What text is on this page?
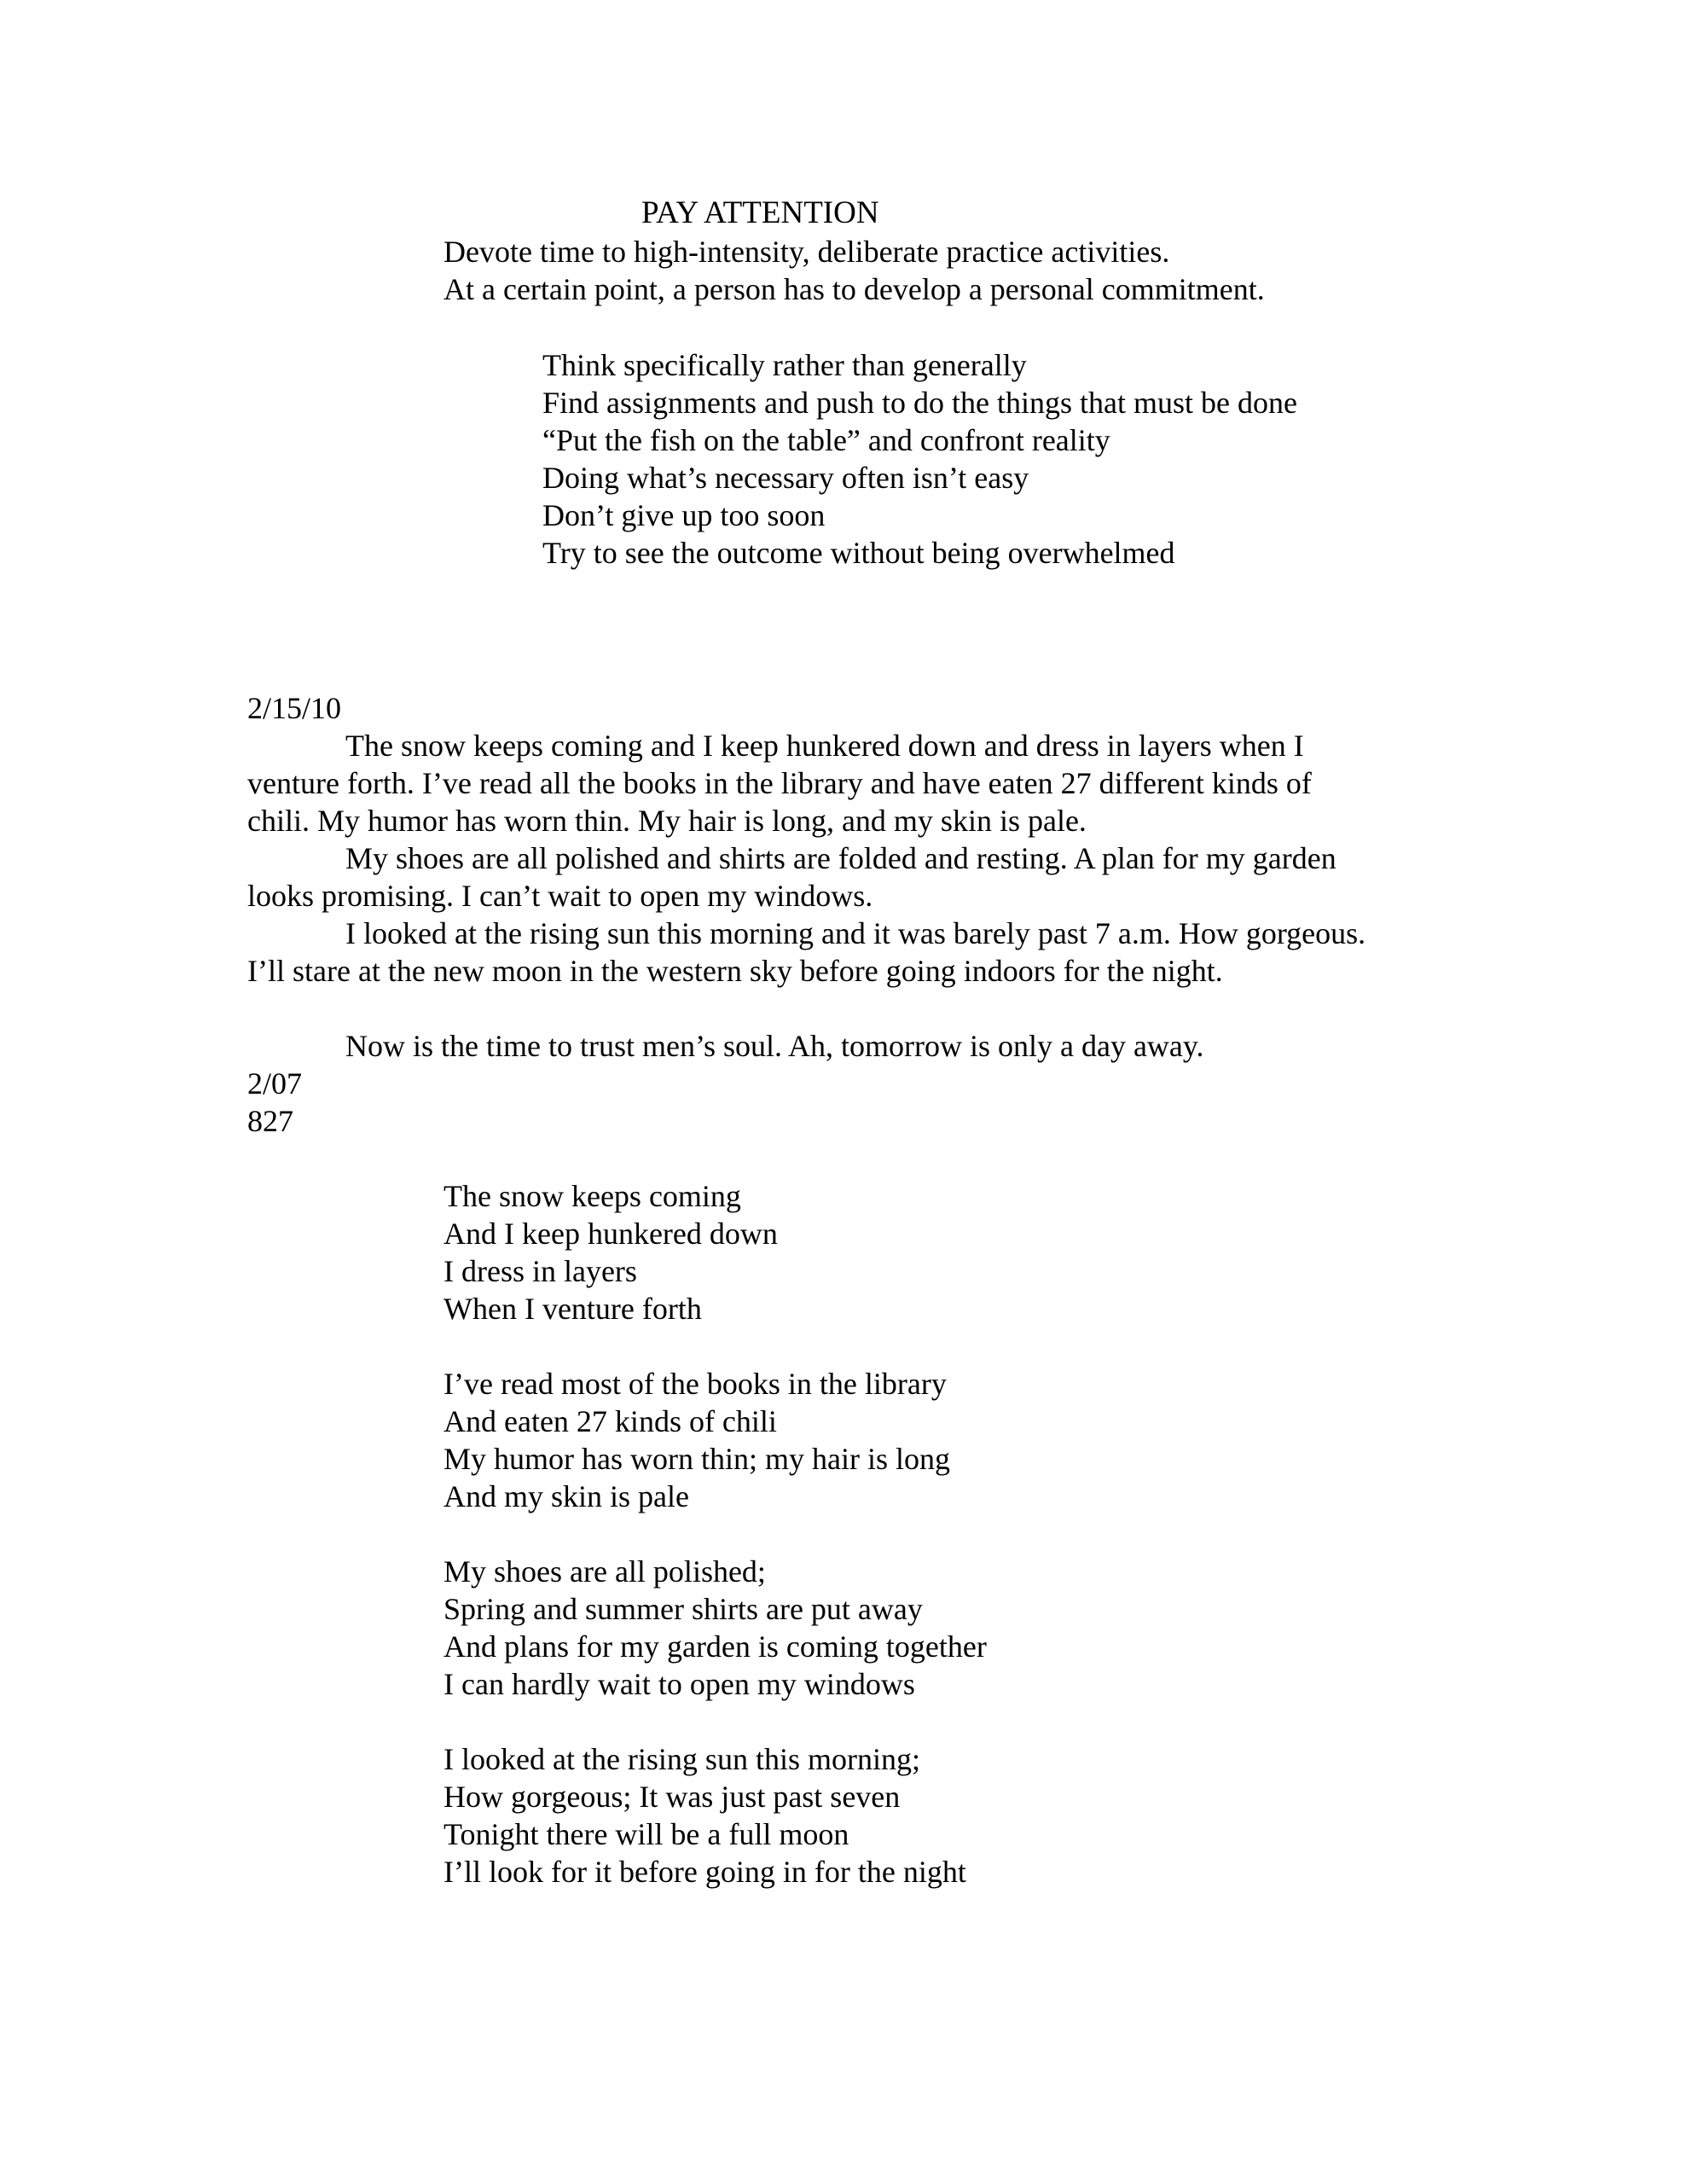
PAY ATTENTION

Devote time to high-intensity, deliberate practice activities.

At a certain point, a person has to develop a personal commitment.

Think specifically rather than generally

Find assignments and push to do the things that must be done

“Put the fish on the table” and confront reality

Doing what’s necessary often isn’t easy

Don’t give up too soon

Try to see the outcome without being overwhelmed

2/15/10

The snow keeps coming and I keep hunkered down and dress in layers when I

venture forth. I’ve read all the books in the library and have eaten 27 different kinds of

chili. My humor has worn thin. My hair is long, and my skin is pale.

My shoes are all polished and shirts are folded and resting. A plan for my garden

looks promising. I can’t wait to open my windows.

I looked at the rising sun this morning and it was barely past 7 a.m. How gorgeous.

I’ll stare at the new moon in the western sky before going indoors for the night.

Now is the time to trust men’s soul. Ah, tomorrow is only a day away.

2/07

827

The snow keeps coming

And I keep hunkered down

I dress in layers

When I venture forth

I’ve read most of the books in the library

And eaten 27 kinds of chili

My humor has worn thin; my hair is long

And my skin is pale

My shoes are all polished;

Spring and summer shirts are put away

And plans for my garden is coming together

I can hardly wait to open my windows

I looked at the rising sun this morning;

How gorgeous; It was just past seven

Tonight there will be a full moon

I’ll look for it before going in for the night
